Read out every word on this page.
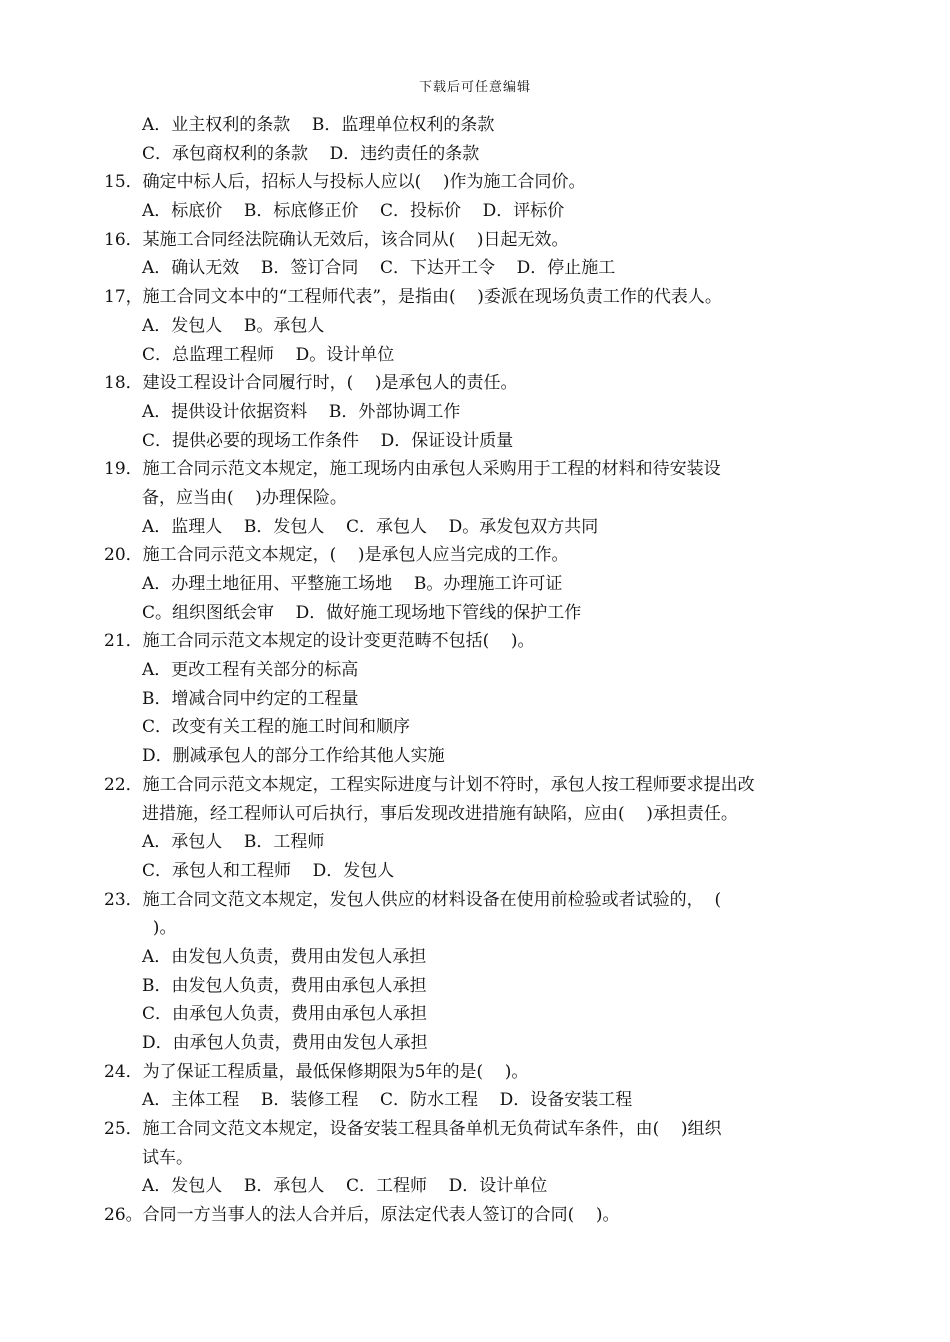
下载后可任意编辑
A．业主权利的条款    B．监理单位权利的条款
C．承包商权利的条款    D．违约责任的条款
15．确定中标人后，招标人与投标人应以(    )作为施工合同价。
A．标底价    B．标底修正价    C．投标价    D．评标价
16．某施工合同经法院确认无效后，该合同从(    )日起无效。
A．确认无效    B．签订合同    C．下达开工令    D．停止施工
17，施工合同文本中的“工程师代表”，是指由(    )委派在现场负责工作的代表人。
A．发包人    B。承包人
C．总监理工程师    D。设计单位
18．建设工程设计合同履行时，(    )是承包人的责任。
A．提供设计依据资料    B．外部协调工作
C．提供必要的现场工作条件    D．保证设计质量
19．施工合同示范文本规定，施工现场内由承包人采购用于工程的材料和待安装设
备，应当由(    )办理保险。
A．监理人    B．发包人    C．承包人    D。承发包双方共同
20．施工合同示范文本规定，(    )是承包人应当完成的工作。
A．办理土地征用、平整施工场地    B。办理施工许可证
C。组织图纸会审    D．做好施工现场地下管线的保护工作
21．施工合同示范文本规定的设计变更范畴不包括(    )。
A．更改工程有关部分的标高
B．增减合同中约定的工程量
C．改变有关工程的施工时间和顺序
D．删减承包人的部分工作给其他人实施
22．施工合同示范文本规定，工程实际进度与计划不符时，承包人按工程师要求提出改
进措施，经工程师认可后执行，事后发现改进措施有缺陷，应由(    )承担责任。
A．承包人    B．工程师
C．承包人和工程师    D．发包人
23．施工合同文范文本规定，发包人供应的材料设备在使用前检验或者试验的，  (
)。
A．由发包人负责，费用由发包人承担
B．由发包人负责，费用由承包人承担
C．由承包人负责，费用由承包人承担
D．由承包人负责，费用由发包人承担
24．为了保证工程质量，最低保修期限为5年的是(    )。
A．主体工程    B．装修工程    C．防水工程    D．设备安装工程
25．施工合同文范文本规定，设备安装工程具备单机无负荷试车条件，由(    )组织
试车。
A．发包人    B．承包人    C．工程师    D．设计单位
26。合同一方当事人的法人合并后，原法定代表人签订的合同(    )。
